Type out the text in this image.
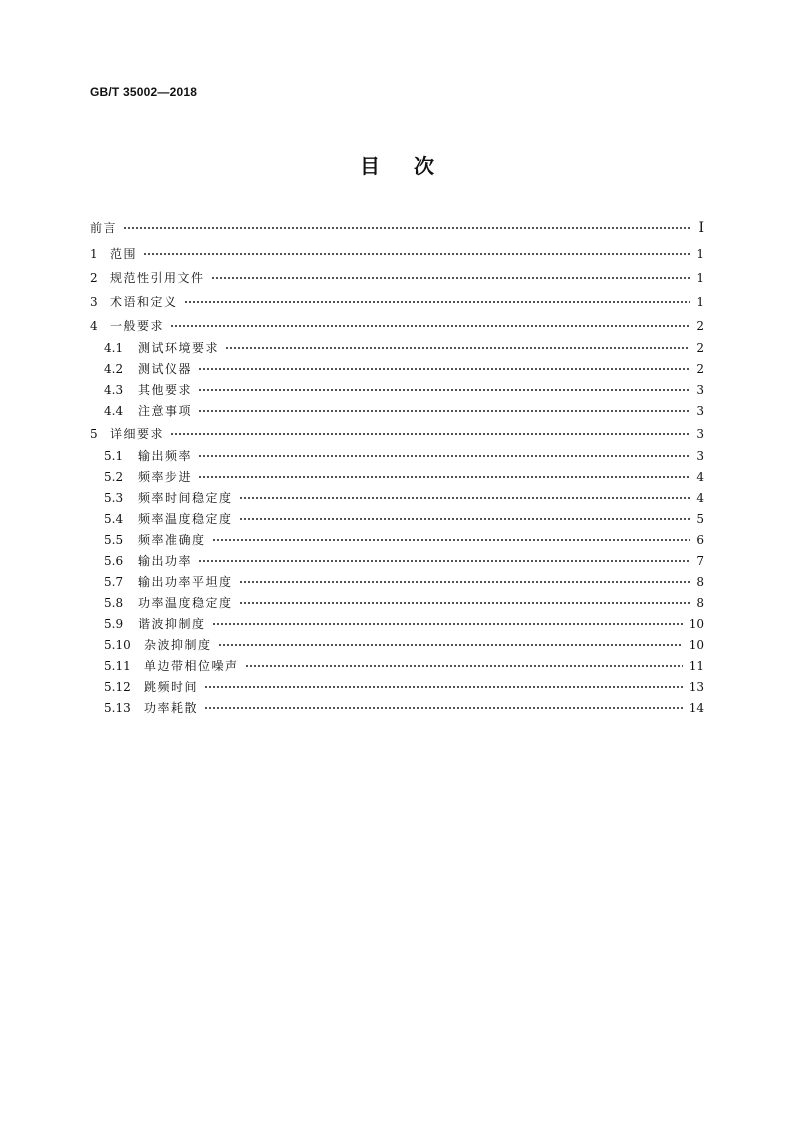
GB/T 35002—2018
目次
前言	I
1	范围	1
2	规范性引用文件	1
3	术语和定义	1
4	一般要求	2
4.1	测试环境要求	2
4.2	测试仪器	2
4.3	其他要求	3
4.4	注意事项	3
5	详细要求	3
5.1	输出频率	3
5.2	频率步进	4
5.3	频率时间稳定度	4
5.4	频率温度稳定度	5
5.5	频率准确度	6
5.6	输出功率	7
5.7	输出功率平坦度	8
5.8	功率温度稳定度	8
5.9	谐波抑制度	10
5.10	杂波抑制度	10
5.11	单边带相位噪声	11
5.12	跳频时间	13
5.13	功率耗散	14
